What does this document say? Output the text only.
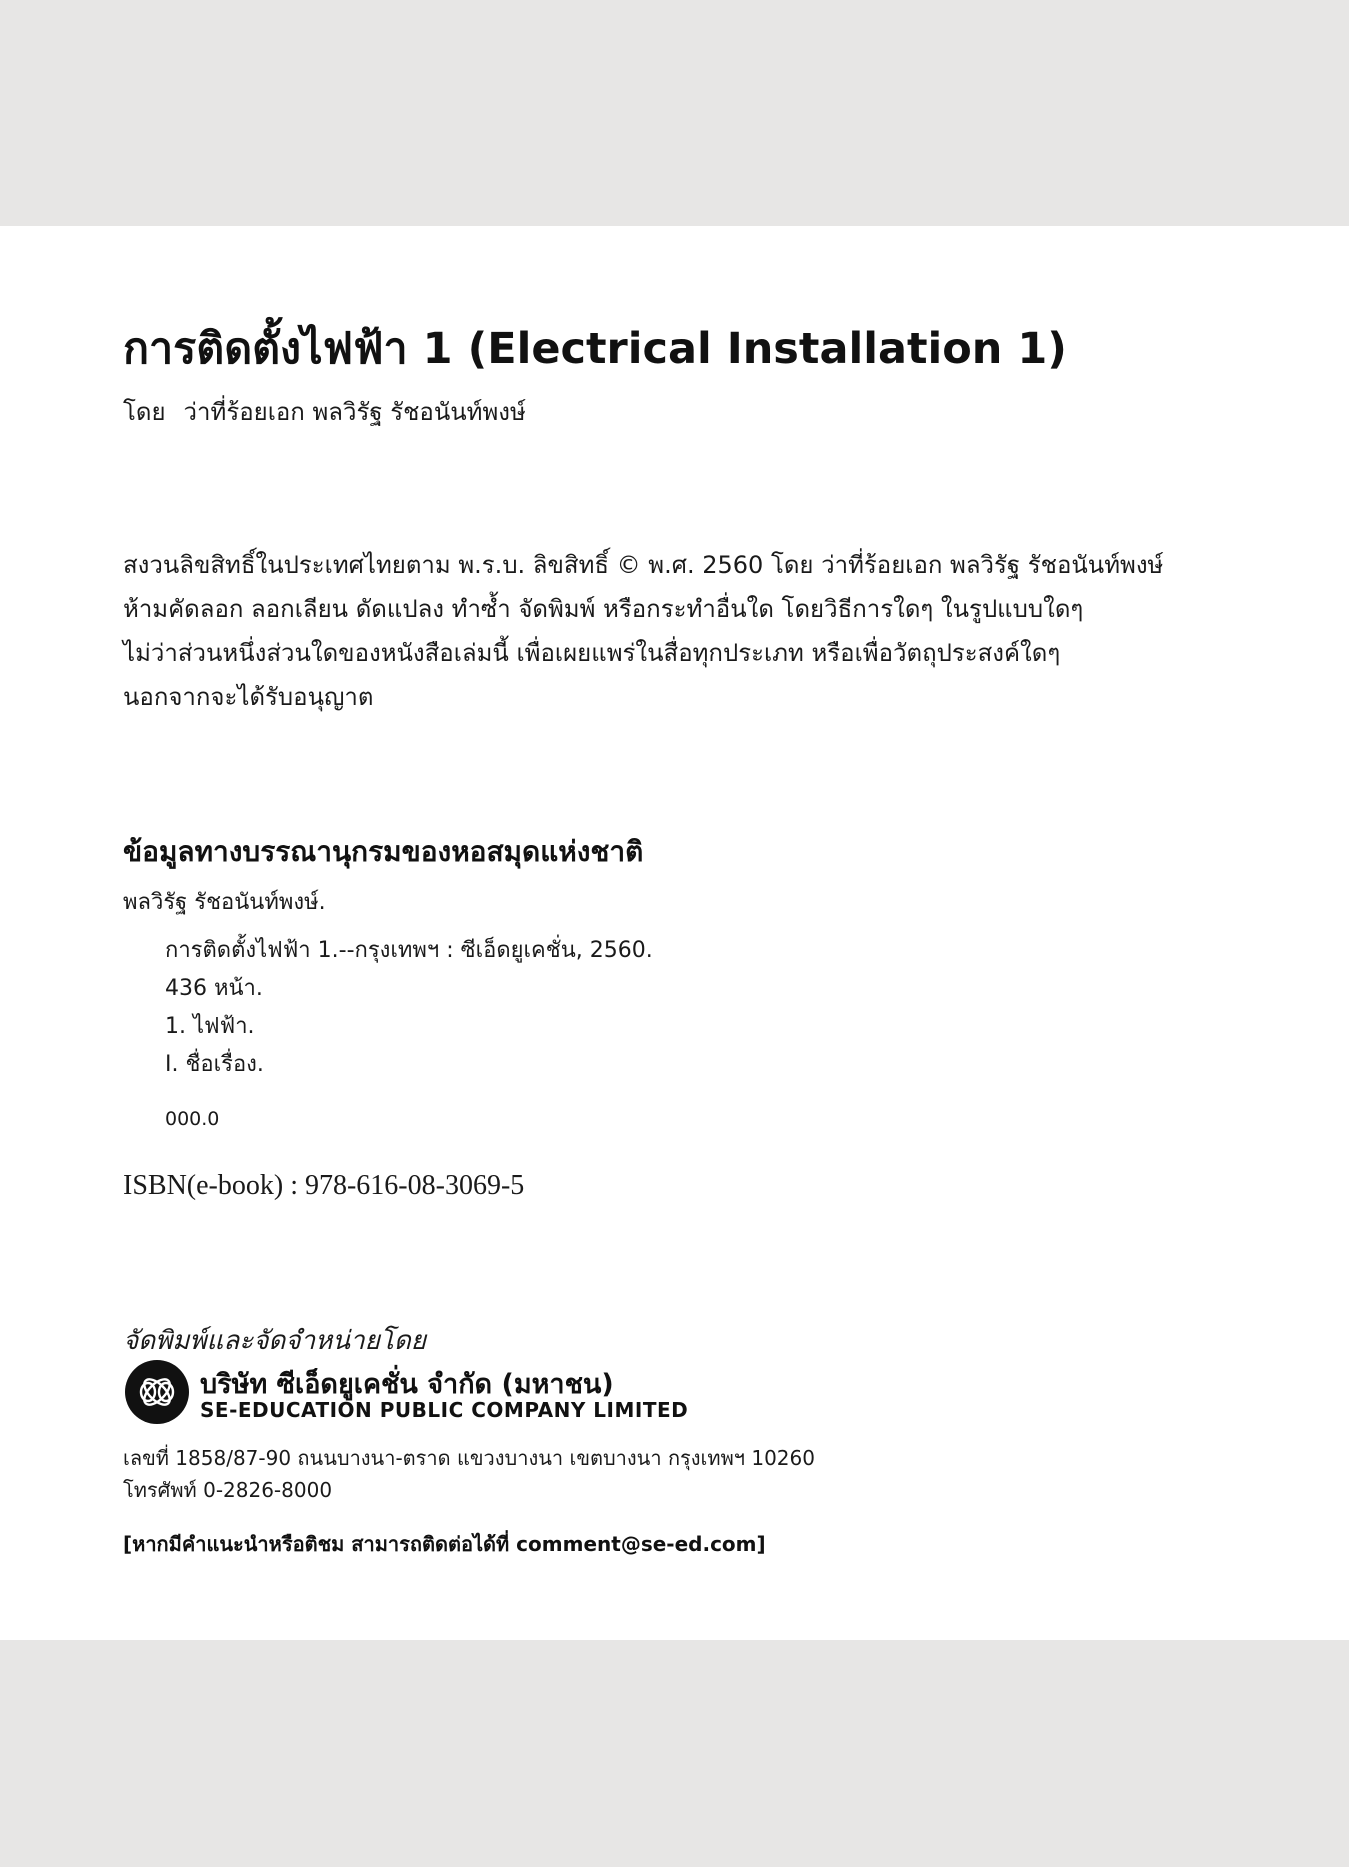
การติดตั้งไฟฟ้า 1 (Electrical Installation 1)
โดย ว่าที่ร้อยเอก พลวิรัฐ รัชอนันท์พงษ์
สงวนลิขสิทธิ์ในประเทศไทยตาม พ.ร.บ. ลิขสิทธิ์ © พ.ศ. 2560 โดย ว่าที่ร้อยเอก พลวิรัฐ รัชอนันท์พงษ์
ห้ามคัดลอก ลอกเลียน ดัดแปลง ทำซ้ำ จัดพิมพ์ หรือกระทำอื่นใด โดยวิธีการใดๆ ในรูปแบบใดๆ
ไม่ว่าส่วนหนึ่งส่วนใดของหนังสือเล่มนี้ เพื่อเผยแพร่ในสื่อทุกประเภท หรือเพื่อวัตถุประสงค์ใดๆ
นอกจากจะได้รับอนุญาต
ข้อมูลทางบรรณานุกรมของหอสมุดแห่งชาติ
พลวิรัฐ รัชอนันท์พงษ์.
การติดตั้งไฟฟ้า 1.--กรุงเทพฯ : ซีเอ็ดยูเคชั่น, 2560.
436 หน้า.
1. ไฟฟ้า.
I. ชื่อเรื่อง.
000.0
ISBN(e-book) : 978-616-08-3069-5
จัดพิมพ์และจัดจำหน่ายโดย
บริษัท ซีเอ็ดยูเคชั่น จำกัด (มหาชน)
SE-EDUCATION PUBLIC COMPANY LIMITED
เลขที่ 1858/87-90 ถนนบางนา-ตราด แขวงบางนา เขตบางนา กรุงเทพฯ 10260
โทรศัพท์ 0-2826-8000
[หากมีคำแนะนำหรือติชม สามารถติดต่อได้ที่ comment@se-ed.com]
